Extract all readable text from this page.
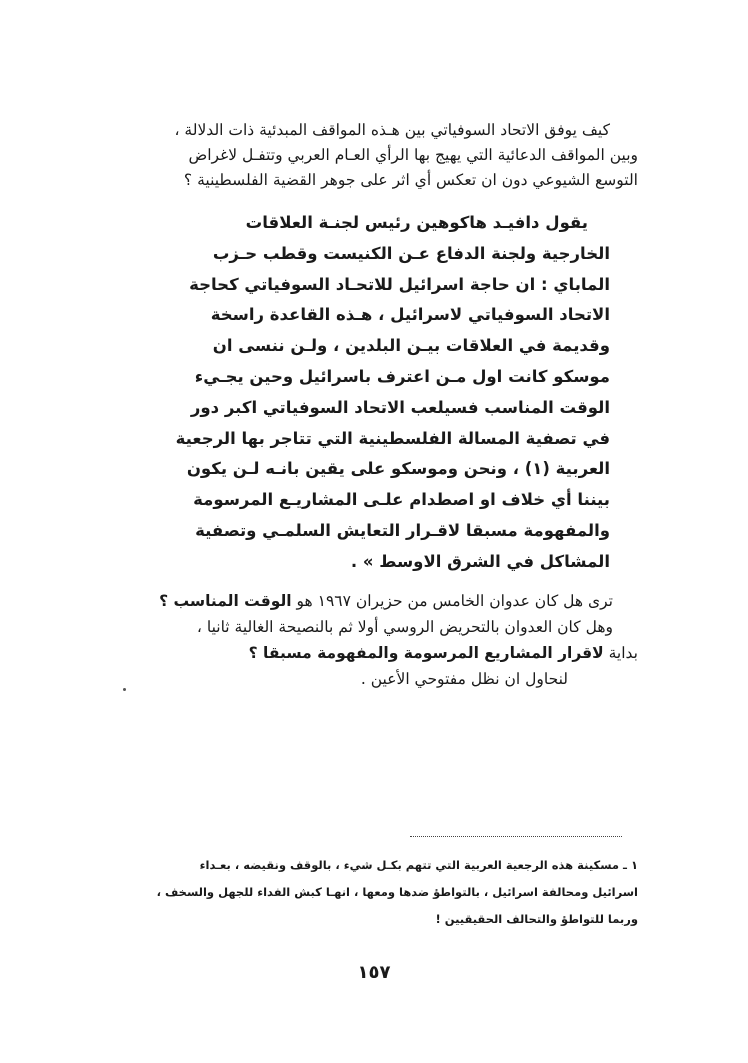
كيف يوفق الاتحاد السوفياتي بين هـذه المواقف المبدئية ذات الدلالة ،
وبين المواقف الدعائية التي يهيج بها الرأي العـام العربي وتتفـل لاغراض
التوسع الشيوعي دون ان تعكس أي اثر على جوهر القضية الفلسطينية ؟
يقول دافيـد هاكوهين رئيس لجنـة العلاقات
الخارجية ولجنة الدفاع عـن الكنيست وقطب حـزب
الماباي : ان حاجة اسرائيل للاتحـاد السوفياتي كحاجة
الاتحاد السوفياتي لاسرائيل ، هـذه القاعدة راسخة
وقديمة في العلاقات بيـن البلدين ، ولـن ننسى ان
موسكو كانت اول مـن اعترف باسرائيل وحين يجـيء
الوقت المناسب فسيلعب الاتحاد السوفياتي اكبر دور
في تصفية المسالة الفلسطينية التي تتاجر بها الرجعية
العربية (١) ، ونحن وموسكو على يقين بانـه لـن يكون
بيننا أي خلاف او اصطدام علـى المشاريـع المرسومة
والمفهومة مسبقا لاقـرار التعايش السلمـي وتصفية
المشاكل في الشرق الاوسط » .
ترى هل كان عدوان الخامس من حزيران ١٩٦٧ هو الوقت المناسب ؟
وهل كان العدوان بالتحريض الروسي أولا ثم بالنصيحة الغالية ثانيا ،
بداية لاقرار المشاريع المرسومة والمفهومة مسبقا ؟
لنحاول ان نظل مفتوحي الأعين .
١ ـ مسكينة هذه الرجعية العربية التي تتهم بكـل شيء ، بالوقف ونقيضه ، بعـداء
اسرائيل ومحالفة اسرائيل ، بالتواطؤ ضدها ومعها ، انهـا كبش الفداء للجهل والسخف ،
وربما للتواطؤ والتحالف الحقيقيين !
١٥٧
